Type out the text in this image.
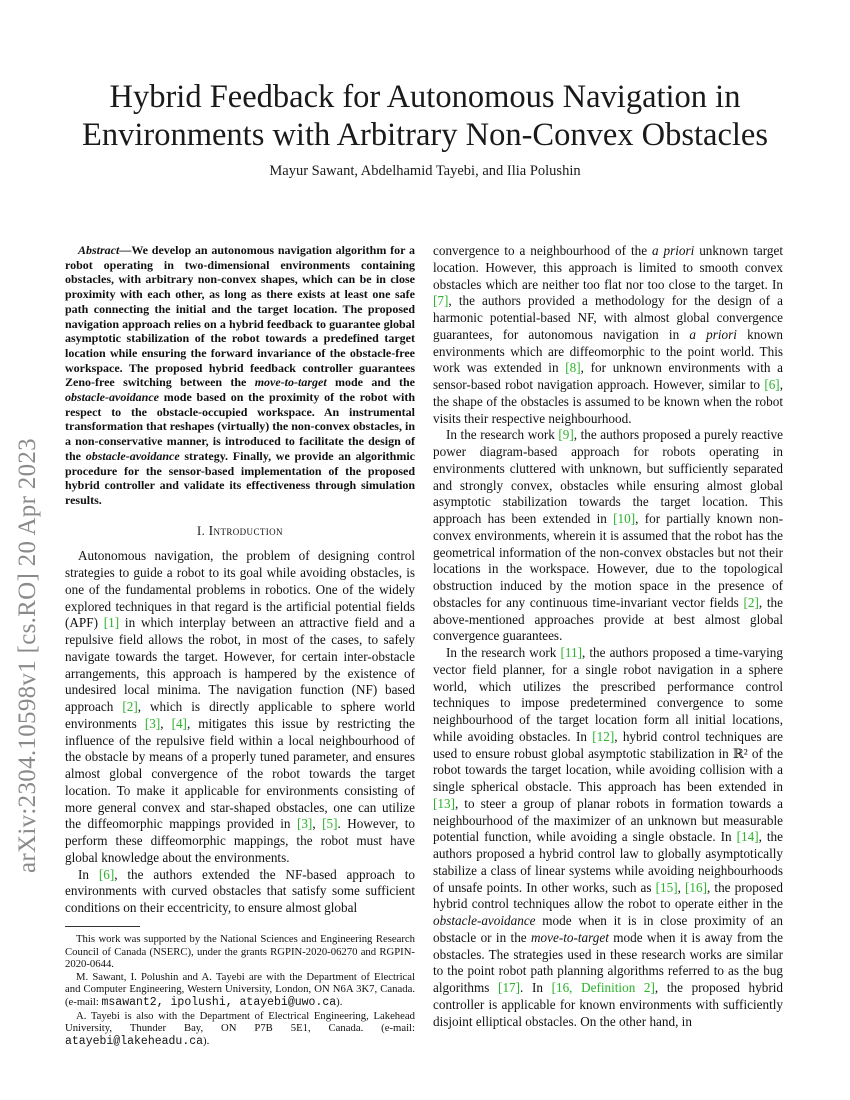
Hybrid Feedback for Autonomous Navigation in
Environments with Arbitrary Non-Convex Obstacles
Mayur Sawant, Abdelhamid Tayebi, and Ilia Polushin
arXiv:2304.10598v1 [cs.RO] 20 Apr 2023

Abstract—We develop an autonomous navigation algorithm for a robot operating in two-dimensional environments containing obstacles, with arbitrary non-convex shapes, which can be in close proximity with each other, as long as there exists at least one safe path connecting the initial and the target location. The proposed navigation approach relies on a hybrid feedback to guarantee global asymptotic stabilization of the robot towards a predefined target location while ensuring the forward invariance of the obstacle-free workspace. The proposed hybrid feedback controller guarantees Zeno-free switching between the move-to-target mode and the obstacle-avoidance mode based on the proximity of the robot with respect to the obstacle-occupied workspace. An instrumental transformation that reshapes (virtually) the non-convex obstacles, in a non-conservative manner, is introduced to facilitate the design of the obstacle-avoidance strategy. Finally, we provide an algorithmic procedure for the sensor-based implementation of the proposed hybrid controller and validate its effectiveness through simulation results.

I. Introduction

Autonomous navigation, the problem of designing control strategies to guide a robot to its goal while avoiding obstacles, is one of the fundamental problems in robotics. One of the widely explored techniques in that regard is the artificial potential fields (APF) [1] in which interplay between an attractive field and a repulsive field allows the robot, in most of the cases, to safely navigate towards the target. However, for certain inter-obstacle arrangements, this approach is hampered by the existence of undesired local minima. The navigation function (NF) based approach [2], which is directly applicable to sphere world environments [3], [4], mitigates this issue by restricting the influence of the repulsive field within a local neighbourhood of the obstacle by means of a properly tuned parameter, and ensures almost global convergence of the robot towards the target location. To make it applicable for environments consisting of more general convex and star-shaped obstacles, one can utilize the diffeomorphic mappings provided in [3], [5]. However, to perform these diffeomorphic mappings, the robot must have global knowledge about the environments.

In [6], the authors extended the NF-based approach to environments with curved obstacles that satisfy some sufficient conditions on their eccentricity, to ensure almost global

This work was supported by the National Sciences and Engineering Research Council of Canada (NSERC), under the grants RGPIN-2020-06270 and RGPIN-2020-0644.

M. Sawant, I. Polushin and A. Tayebi are with the Department of Electrical and Computer Engineering, Western University, London, ON N6A 3K7, Canada. (e-mail: msawant2, ipolushi, atayebi@uwo.ca).

A. Tayebi is also with the Department of Electrical Engineering, Lakehead University, Thunder Bay, ON P7B 5E1, Canada. (e-mail: atayebi@lakeheadu.ca).

convergence to a neighbourhood of the a priori unknown target location. However, this approach is limited to smooth convex obstacles which are neither too flat nor too close to the target. In [7], the authors provided a methodology for the design of a harmonic potential-based NF, with almost global convergence guarantees, for autonomous navigation in a priori known environments which are diffeomorphic to the point world. This work was extended in [8], for unknown environments with a sensor-based robot navigation approach. However, similar to [6], the shape of the obstacles is assumed to be known when the robot visits their respective neighbourhood.

In the research work [9], the authors proposed a purely reactive power diagram-based approach for robots operating in environments cluttered with unknown, but sufficiently separated and strongly convex, obstacles while ensuring almost global asymptotic stabilization towards the target location. This approach has been extended in [10], for partially known non-convex environments, wherein it is assumed that the robot has the geometrical information of the non-convex obstacles but not their locations in the workspace. However, due to the topological obstruction induced by the motion space in the presence of obstacles for any continuous time-invariant vector fields [2], the above-mentioned approaches provide at best almost global convergence guarantees.

In the research work [11], the authors proposed a time-varying vector field planner, for a single robot navigation in a sphere world, which utilizes the prescribed performance control techniques to impose predetermined convergence to some neighbourhood of the target location form all initial locations, while avoiding obstacles. In [12], hybrid control techniques are used to ensure robust global asymptotic stabilization in ℝ² of the robot towards the target location, while avoiding collision with a single spherical obstacle. This approach has been extended in [13], to steer a group of planar robots in formation towards a neighbourhood of the maximizer of an unknown but measurable potential function, while avoiding a single obstacle. In [14], the authors proposed a hybrid control law to globally asymptotically stabilize a class of linear systems while avoiding neighbourhoods of unsafe points. In other works, such as [15], [16], the proposed hybrid control techniques allow the robot to operate either in the obstacle-avoidance mode when it is in close proximity of an obstacle or in the move-to-target mode when it is away from the obstacles. The strategies used in these research works are similar to the point robot path planning algorithms referred to as the bug algorithms [17]. In [16, Definition 2], the proposed hybrid controller is applicable for known environments with sufficiently disjoint elliptical obstacles. On the other hand, in
